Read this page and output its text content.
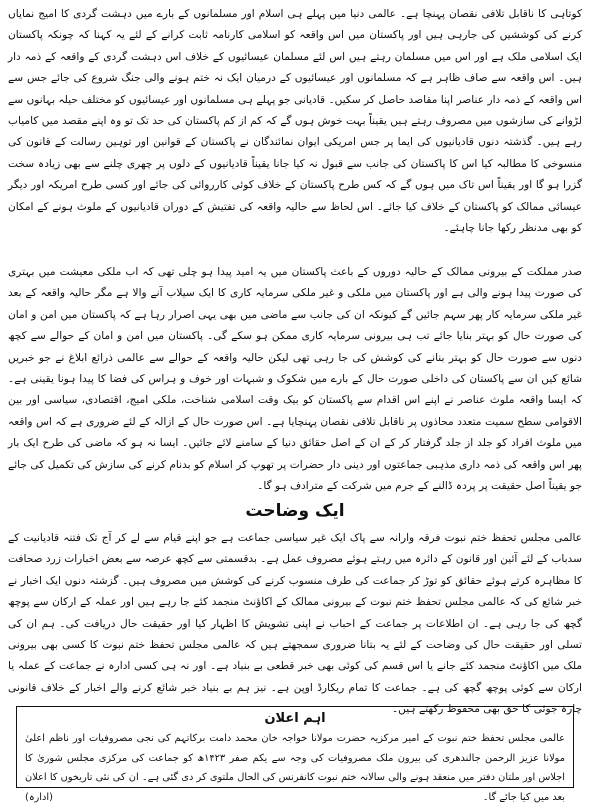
کوتاہی کا ناقابل تلافی نقصان پہنچا ہے۔ عالمی دنیا میں پہلے ہی اسلام اور مسلمانوں کے بارے میں دہشت گردی کا امیج نمایاں کرنے کی کوششیں کی جارہی ہیں اور پاکستان میں اس واقعہ کو اسلامی کارنامہ ثابت کرانے کے لئے یہ کہنا کہ چونکہ پاکستان ایک اسلامی ملک ہے اور اس میں مسلمان رہتے ہیں اس لئے مسلمان عیسائیوں کے خلاف اس دہشت گردی کے واقعہ کے ذمہ دار ہیں۔ اس واقعہ سے صاف ظاہر ہے کہ مسلمانوں اور عیسائیوں کے درمیان ایک نہ ختم ہونے والی جنگ شروع کی جائے جس سے اس واقعہ کے ذمہ دار عناصر اپنا مقاصد حاصل کر سکیں۔ قادیانی جو پہلے ہی مسلمانوں اور عیسائیوں کو مختلف حیلہ بہانوں سے لڑوانے کی سازشوں میں مصروف رہتے ہیں یقیناً بہت خوش ہوں گے کہ کم از کم پاکستان کی حد تک تو وہ اپنے مقصد میں کامیاب رہے ہیں۔ گذشتہ دنوں قادیانیوں کی ایما پر جس امریکی ایوان نمائندگان نے پاکستان کے قوانین اور توہین رسالت کے قانون کی منسوخی کا مطالبہ کیا اس کا پاکستان کی جانب سے قبول نہ کیا جانا یقیناً قادیانیوں کے دلوں پر چھری چلنے سے بھی زیادہ سخت گزرا ہو گا اور یقیناً اس تاک میں ہوں گے کہ کس طرح پاکستان کے خلاف کوئی کارروائی کی جائے اور کسی طرح امریکہ اور دیگر عیسائی ممالک کو پاکستان کے خلاف کیا جائے۔ اس لحاظ سے حالیہ واقعہ کی تفتیش کے دوران قادیانیوں کے ملوث ہونے کے امکان کو بھی مدنظر رکھا جانا چاہئے۔

صدر مملکت کے بیرونی ممالک کے حالیہ دوروں کے باعث پاکستان میں یہ امید پیدا ہو چلی تھی کہ اب ملکی معیشت میں بہتری کی صورت پیدا ہونے والی ہے اور پاکستان میں ملکی و غیر ملکی سرمایہ کاری کا ایک سیلاب آنے والا ہے مگر حالیہ واقعہ کے بعد غیر ملکی سرمایہ کار پھر سہم جائیں گے کیونکہ ان کی جانب سے ماضی میں بھی یہی اصرار رہا ہے کہ پاکستان میں امن و امان کی صورت حال کو بہتر بنایا جائے تب ہی بیرونی سرمایہ کاری ممکن ہو سکے گی۔ پاکستان میں امن و امان کے حوالے سے کچھ دنوں سے صورت حال کو بہتر بنانے کی کوشش کی جا رہی تھی لیکن حالیہ واقعہ کے حوالے سے عالمی ذرائع ابلاغ نے جو خبریں شائع کیں ان سے پاکستان کی داخلی صورت حال کے بارے میں شکوک و شبہات اور خوف و ہراس کی فضا کا پیدا ہونا یقینی ہے۔ کہ ایسا واقعہ ملوث عناصر نے اپنے اس اقدام سے پاکستان کو بیک وقت اسلامی شناخت، ملکی امیج، اقتصادی، سیاسی اور بین الاقوامی سطح سمیت متعدد محاذوں پر ناقابل تلافی نقصان پہنچایا ہے۔ اس صورت حال کے ازالہ کے لئے ضروری ہے کہ اس واقعہ میں ملوث افراد کو جلد از جلد گرفتار کر کے ان کے اصل حقائق دنیا کے سامنے لائے جائیں۔ ایسا نہ ہو کہ ماضی کی طرح ایک بار پھر اس واقعہ کی ذمہ داری مذہبی جماعتوں اور دینی دار حضرات پر تھوپ کر اسلام کو بدنام کرنے کی سازش کی تکمیل کی جائے جو یقیناً اصل حقیقت پر پردہ ڈالنے کے جرم میں شرکت کے مترادف ہو گا۔

ایک وضاحت

عالمی مجلس تحفظ ختم نبوت فرقہ وارانہ سے پاک ایک غیر سیاسی جماعت ہے جو اپنے قیام سے لے کر آج تک فتنہ قادیانیت کے سدباب کے لئے آئین اور قانون کے دائرہ میں رہتے ہوئے مصروف عمل ہے۔ بدقسمتی سے کچھ عرصہ سے بعض اخبارات زرد صحافت کا مظاہرہ کرتے ہوئے حقائق کو توڑ کر جماعت کی طرف منسوب کرنے کی کوشش میں مصروف ہیں۔ گزشتہ دنوں ایک اخبار نے خبر شائع کی کہ عالمی مجلس تحفظ ختم نبوت کے بیرونی ممالک کے اکاؤنٹ منجمد کئے جا رہے ہیں اور عملہ کے ارکان سے پوچھ گچھ کی جا رہی ہے۔ ان اطلاعات پر جماعت کے احباب نے اپنی تشویش کا اظہار کیا اور حقیقت حال دریافت کی۔ ہم ان کی تسلی اور حقیقت حال کی وضاحت کے لئے یہ بتانا ضروری سمجھتے ہیں کہ عالمی مجلس تحفظ ختم نبوت کا کسی بھی بیرونی ملک میں اکاؤنٹ منجمد کئے جانے یا اس قسم کی کوئی بھی خبر قطعی بے بنیاد ہے۔ اور نہ ہی کسی ادارہ نے جماعت کے عملہ یا ارکان سے کوئی پوچھ گچھ کی ہے۔ جماعت کا تمام ریکارڈ اوپن ہے۔ نیز ہم بے بنیاد خبر شائع کرنے والے اخبار کے خلاف قانونی چارہ جوئی کا حق بھی محفوظ رکھتے ہیں۔

اہم اعلان
عالمی مجلس تحفظ ختم نبوت کے امیر مرکزیہ حضرت مولانا خواجہ خان محمد دامت برکاتہم کی نجی مصروفیات اور ناظم اعلیٰ مولانا عزیز الرحمن جالندھری کی بیرون ملک مصروفیات کی وجہ سے یکم صفر ۱۴۲۳ھ کو جماعت کی مرکزی مجلس شوریٰ کا اجلاس اور ملتان دفتر میں منعقد ہونے والی سالانہ ختم نبوت کانفرنس کی الحال ملتوی کر دی گئی ہے۔ ان کی نئی تاریخوں کا اعلان بعد میں کیا جائے گا۔
(ادارہ)
